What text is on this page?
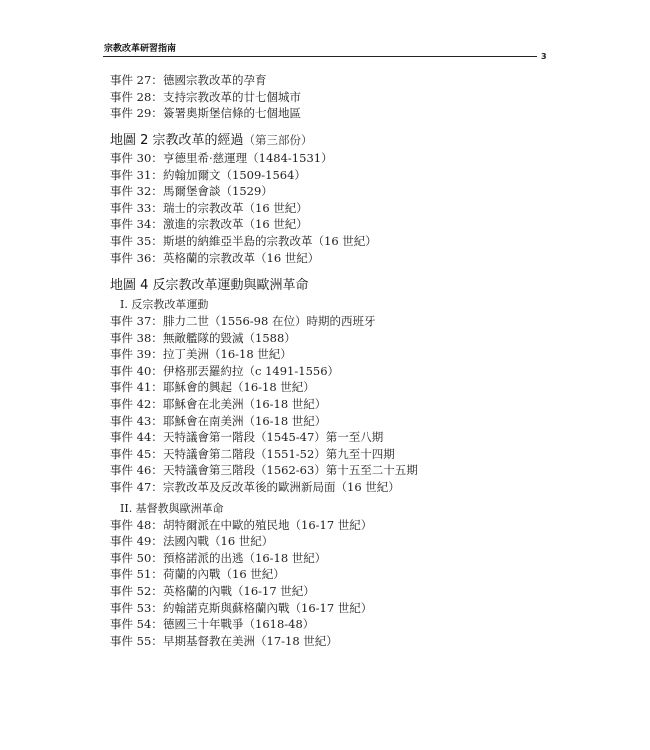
宗教改革研習指南
3
事件 27：德國宗教改革的孕育
事件 28：支持宗教改革的廿七個城市
事件 29：簽署奧斯堡信條的七個地區
地圖 2 宗教改革的經過（第三部份）
事件 30：亨德里希·慈運理（1484-1531）
事件 31：約翰加爾文（1509-1564）
事件 32：馬爾堡會談（1529）
事件 33：瑞士的宗教改革（16 世紀）
事件 34：激進的宗教改革（16 世紀）
事件 35：斯堪的納維亞半島的宗教改革（16 世紀）
事件 36：英格蘭的宗教改革（16 世紀）
地圖 4 反宗教改革運動與歐洲革命
I. 反宗教改革運動
事件 37：腓力二世（1556-98 在位）時期的西班牙
事件 38：無敵艦隊的毀滅（1588）
事件 39：拉丁美洲（16-18 世紀）
事件 40：伊格那丟羅約拉（c 1491-1556）
事件 41：耶穌會的興起（16-18 世紀）
事件 42：耶穌會在北美洲（16-18 世紀）
事件 43：耶穌會在南美洲（16-18 世紀）
事件 44：天特議會第一階段（1545-47）第一至八期
事件 45：天特議會第二階段（1551-52）第九至十四期
事件 46：天特議會第三階段（1562-63）第十五至二十五期
事件 47：宗教改革及反改革後的歐洲新局面（16 世紀）
II. 基督教與歐洲革命
事件 48：胡特爾派在中歐的殖民地（16-17 世紀）
事件 49：法國內戰（16 世紀）
事件 50：預格諾派的出逃（16-18 世紀）
事件 51：荷蘭的內戰（16 世紀）
事件 52：英格蘭的內戰（16-17 世紀）
事件 53：約翰諾克斯與蘇格蘭內戰（16-17 世紀）
事件 54：德國三十年戰爭（1618-48）
事件 55：早期基督教在美洲（17-18 世紀）
